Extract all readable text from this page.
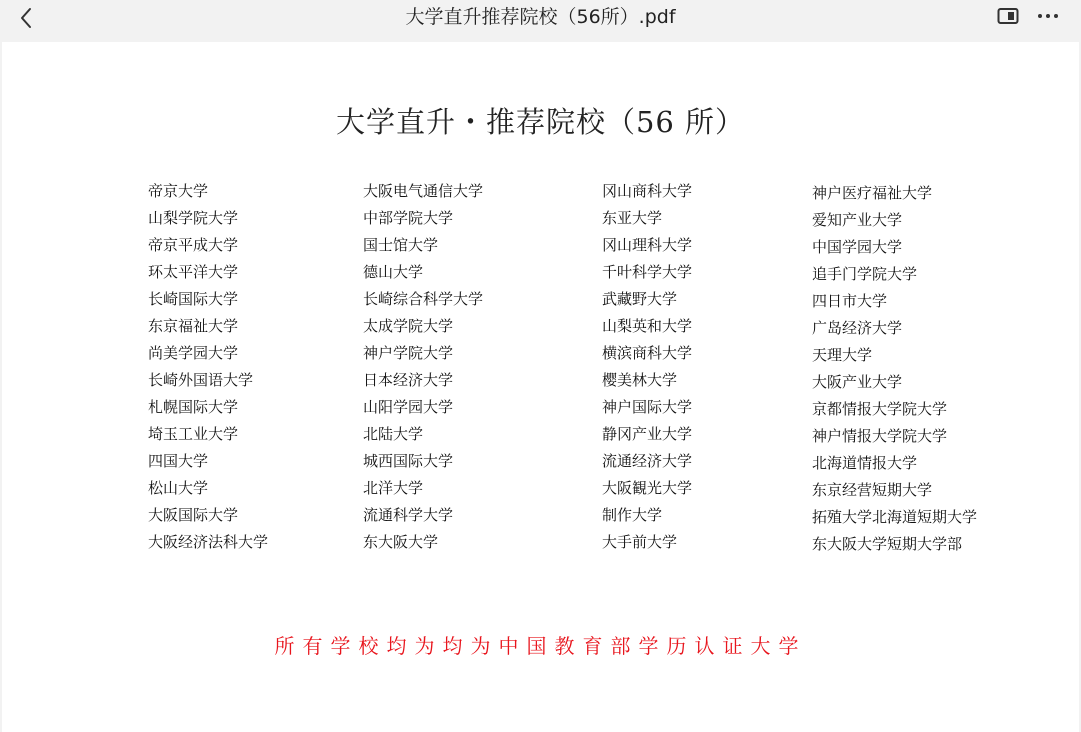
大学直升推荐院校（56所）.pdf
大学直升・推荐院校（56 所）
帝京大学
山梨学院大学
帝京平成大学
环太平洋大学
长崎国际大学
东京福祉大学
尚美学园大学
长崎外国语大学
札幌国际大学
埼玉工业大学
四国大学
松山大学
大阪国际大学
大阪经济法科大学
大阪电气通信大学
中部学院大学
国士馆大学
德山大学
长崎综合科学大学
太成学院大学
神户学院大学
日本经济大学
山阳学园大学
北陆大学
城西国际大学
北洋大学
流通科学大学
东大阪大学
冈山商科大学
东亚大学
冈山理科大学
千叶科学大学
武藏野大学
山梨英和大学
横滨商科大学
樱美林大学
神户国际大学
静冈产业大学
流通经济大学
大阪観光大学
制作大学
大手前大学
神户医疗福祉大学
爱知产业大学
中国学园大学
追手门学院大学
四日市大学
广岛经济大学
天理大学
大阪产业大学
京都情报大学院大学
神户情报大学院大学
北海道情报大学
东京经营短期大学
拓殖大学北海道短期大学
东大阪大学短期大学部
所有学校均为均为中国教育部学历认证大学
